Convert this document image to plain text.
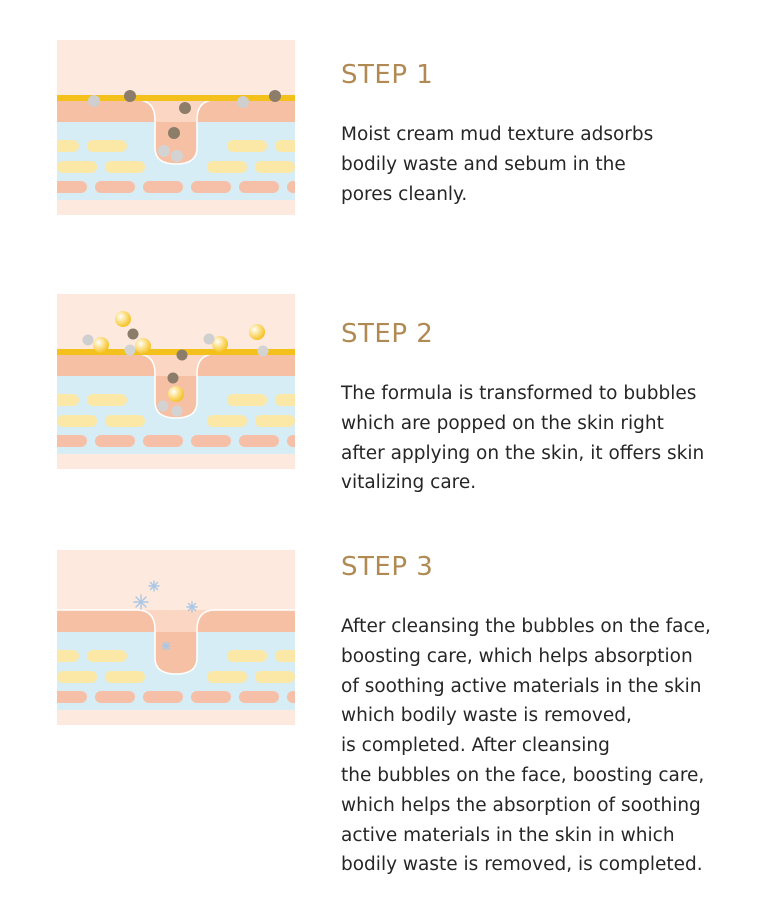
STEP 1

Moist cream mud texture adsorbs
bodily waste and sebum in the
pores cleanly.

STEP 2

The formula is transformed to bubbles
which are popped on the skin right
after applying on the skin, it offers skin
vitalizing care.

STEP 3

After cleansing the bubbles on the face,
boosting care, which helps absorption
of soothing active materials in the skin
which bodily waste is removed,
is completed. After cleansing
the bubbles on the face, boosting care,
which helps the absorption of soothing
active materials in the skin in which
bodily waste is removed, is completed.
